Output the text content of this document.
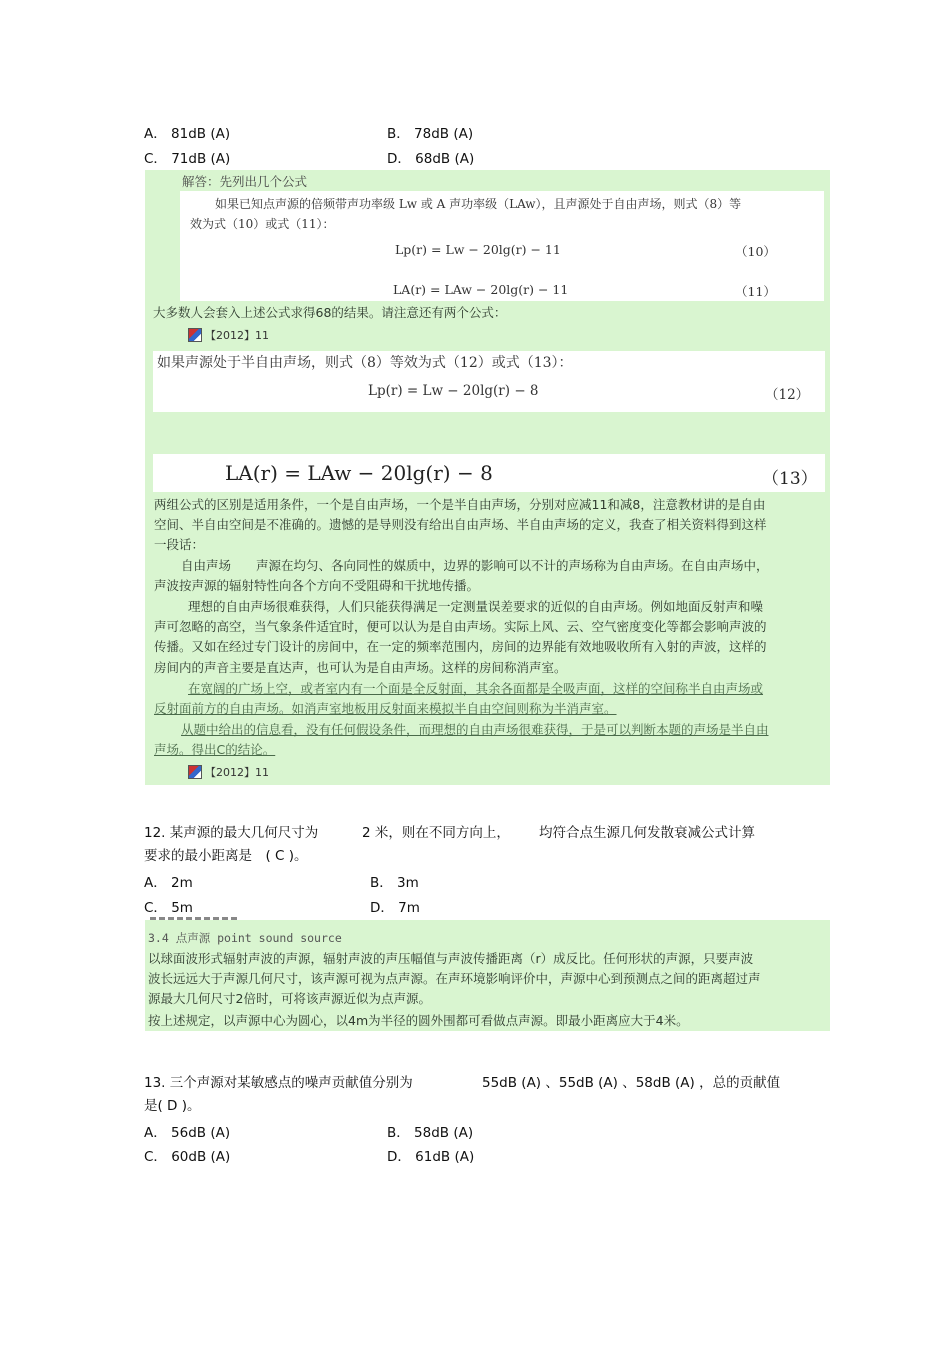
A． 81dB (A)	B． 78dB (A)
C． 71dB (A)	D． 68dB (A)
解答：先列出几个公式
如果已知点声源的倍频带声功率级 Lw 或 A 声功率级（LAw），且声源处于自由声场，则式（8）等
效为式（10）或式（11）：
Lp(r) = Lw − 20lg(r) − 11	（10）
LA(r) = LAw − 20lg(r) − 11	（11）
大多数人会套入上述公式求得68的结果。请注意还有两个公式：
【2012】11
如果声源处于半自由声场，则式（8）等效为式（12）或式（13）：
Lp(r) = Lw − 20lg(r) − 8	（12）
LA(r) = LAw − 20lg(r) − 8	（13）
两组公式的区别是适用条件，一个是自由声场，一个是半自由声场，分别对应减11和减8，注意教材讲的是自由
空间、半自由空间是不准确的。遗憾的是导则没有给出自由声场、半自由声场的定义，我查了相关资料得到这样
一段话：
自由声场　　声源在均匀、各向同性的媒质中，边界的影响可以不计的声场称为自由声场。在自由声场中，
声波按声源的辐射特性向各个方向不受阻碍和干扰地传播。
理想的自由声场很难获得，人们只能获得满足一定测量误差要求的近似的自由声场。例如地面反射声和噪
声可忽略的高空，当气象条件适宜时，便可以认为是自由声场。实际上风、云、空气密度变化等都会影响声波的
传播。又如在经过专门设计的房间中，在一定的频率范围内，房间的边界能有效地吸收所有入射的声波，这样的
房间内的声音主要是直达声，也可认为是自由声场。这样的房间称消声室。
在宽阔的广场上空，或者室内有一个面是全反射面，其余各面都是全吸声面，这样的空间称半自由声场或
反射面前方的自由声场。如消声室地板用反射面来模拟半自由空间则称为半消声室。
从题中给出的信息看，没有任何假设条件，而理想的自由声场很难获得，于是可以判断本题的声场是半自由
声场。得出C的结论。
【2012】11
12. 某声源的最大几何尺寸为	2 米，则在不同方向上， 均符合点生源几何发散衰减公式计算
要求的最小距离是　( C )。
A． 2m	B． 3m
C． 5m	D． 7m
3.4 点声源 point sound source
以球面波形式辐射声波的声源，辐射声波的声压幅值与声波传播距离（r）成反比。任何形状的声源，只要声波
波长远远大于声源几何尺寸，该声源可视为点声源。在声环境影响评价中，声源中心到预测点之间的距离超过声
源最大几何尺寸2倍时，可将该声源近似为点声源。
按上述规定，以声源中心为圆心，以4m为半径的圆外围都可看做点声源。即最小距离应大于4米。
13. 三个声源对某敏感点的噪声贡献值分别为	55dB (A) 、55dB (A) 、58dB (A) ，总的贡献值
是( D )。
A． 56dB (A)	B． 58dB (A)
C． 60dB (A)	D． 61dB (A)
